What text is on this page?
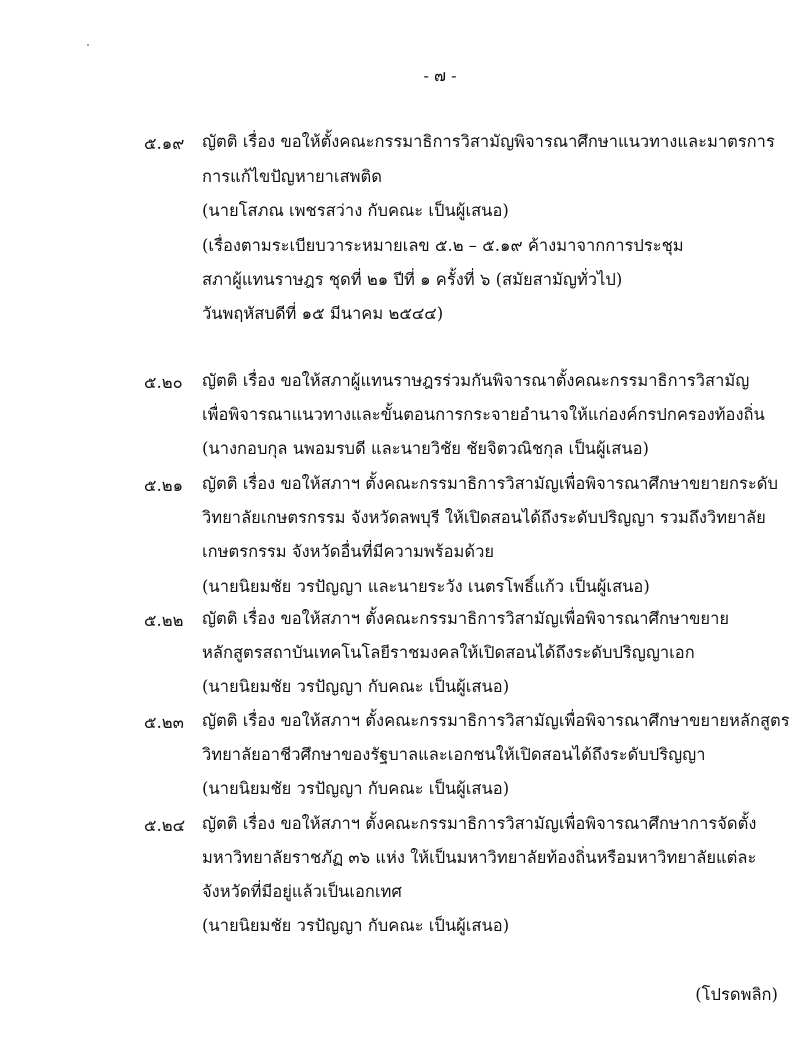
- ๗ -
๕.๑๙	ญัตติ เรื่อง ขอให้ตั้งคณะกรรมาธิการวิสามัญพิจารณาศึกษาแนวทางและมาตรการ
การแก้ไขปัญหายาเสพติด
(นายโสภณ เพชรสว่าง กับคณะ เป็นผู้เสนอ)
(เรื่องตามระเบียบวาระหมายเลข ๕.๒ – ๕.๑๙ ค้างมาจากการประชุม
สภาผู้แทนราษฎร ชุดที่ ๒๑ ปีที่ ๑ ครั้งที่ ๖ (สมัยสามัญทั่วไป)
วันพฤหัสบดีที่ ๑๕ มีนาคม ๒๕๔๔)
๕.๒๐	ญัตติ เรื่อง ขอให้สภาผู้แทนราษฎรร่วมกันพิจารณาตั้งคณะกรรมาธิการวิสามัญ
เพื่อพิจารณาแนวทางและขั้นตอนการกระจายอำนาจให้แก่องค์กรปกครองท้องถิ่น
(นางกอบกุล นพอมรบดี และนายวิชัย ชัยจิตวณิชกุล เป็นผู้เสนอ)
๕.๒๑	ญัตติ เรื่อง ขอให้สภาฯ ตั้งคณะกรรมาธิการวิสามัญเพื่อพิจารณาศึกษาขยายกระดับ
วิทยาลัยเกษตรกรรม จังหวัดลพบุรี ให้เปิดสอนได้ถึงระดับปริญญา รวมถึงวิทยาลัย
เกษตรกรรม จังหวัดอื่นที่มีความพร้อมด้วย
(นายนิยมชัย วรปัญญา และนายระวัง เนตรโพธิ์แก้ว เป็นผู้เสนอ)
๕.๒๒	ญัตติ เรื่อง ขอให้สภาฯ ตั้งคณะกรรมาธิการวิสามัญเพื่อพิจารณาศึกษาขยาย
หลักสูตรสถาบันเทคโนโลยีราชมงคลให้เปิดสอนได้ถึงระดับปริญญาเอก
(นายนิยมชัย วรปัญญา กับคณะ เป็นผู้เสนอ)
๕.๒๓	ญัตติ เรื่อง ขอให้สภาฯ ตั้งคณะกรรมาธิการวิสามัญเพื่อพิจารณาศึกษาขยายหลักสูตร
วิทยาลัยอาชีวศึกษาของรัฐบาลและเอกชนให้เปิดสอนได้ถึงระดับปริญญา
(นายนิยมชัย วรปัญญา กับคณะ เป็นผู้เสนอ)
๕.๒๔	ญัตติ เรื่อง ขอให้สภาฯ ตั้งคณะกรรมาธิการวิสามัญเพื่อพิจารณาศึกษาการจัดตั้ง
มหาวิทยาลัยราชภัฏ ๓๖ แห่ง ให้เป็นมหาวิทยาลัยท้องถิ่นหรือมหาวิทยาลัยแต่ละ
จังหวัดที่มีอยู่แล้วเป็นเอกเทศ
(นายนิยมชัย วรปัญญา กับคณะ เป็นผู้เสนอ)
(โปรดพลิก)
